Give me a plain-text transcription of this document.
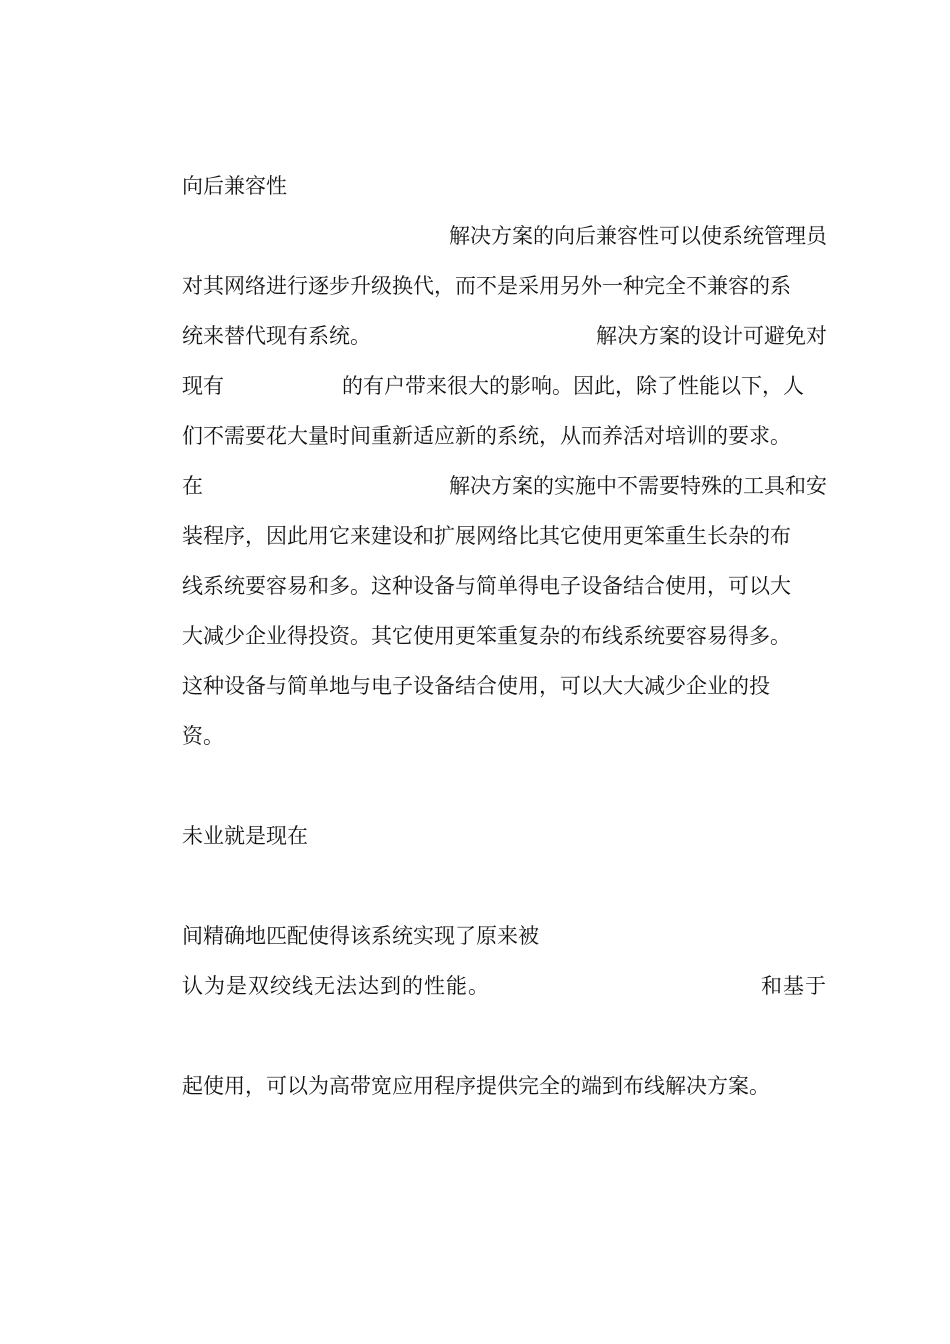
向后兼容性
解决方案的向后兼容性可以使系统管理员
对其网络进行逐步升级换代，而不是采用另外一种完全不兼容的系
统来替代现有系统。	解决方案的设计可避免对
现有	的有户带来很大的影响。因此，除了性能以下，人
们不需要花大量时间重新适应新的系统，从而养活对培训的要求。
在	解决方案的实施中不需要特殊的工具和安
装程序，因此用它来建设和扩展网络比其它使用更笨重生长杂的布
线系统要容易和多。这种设备与简单得电子设备结合使用，可以大
大减少企业得投资。其它使用更笨重复杂的布线系统要容易得多。
这种设备与简单地与电子设备结合使用，可以大大减少企业的投
资。
未业就是现在
间精确地匹配使得该系统实现了原来被
认为是双绞线无法达到的性能。	和基于
起使用，可以为高带宽应用程序提供完全的端到布线解决方案。
